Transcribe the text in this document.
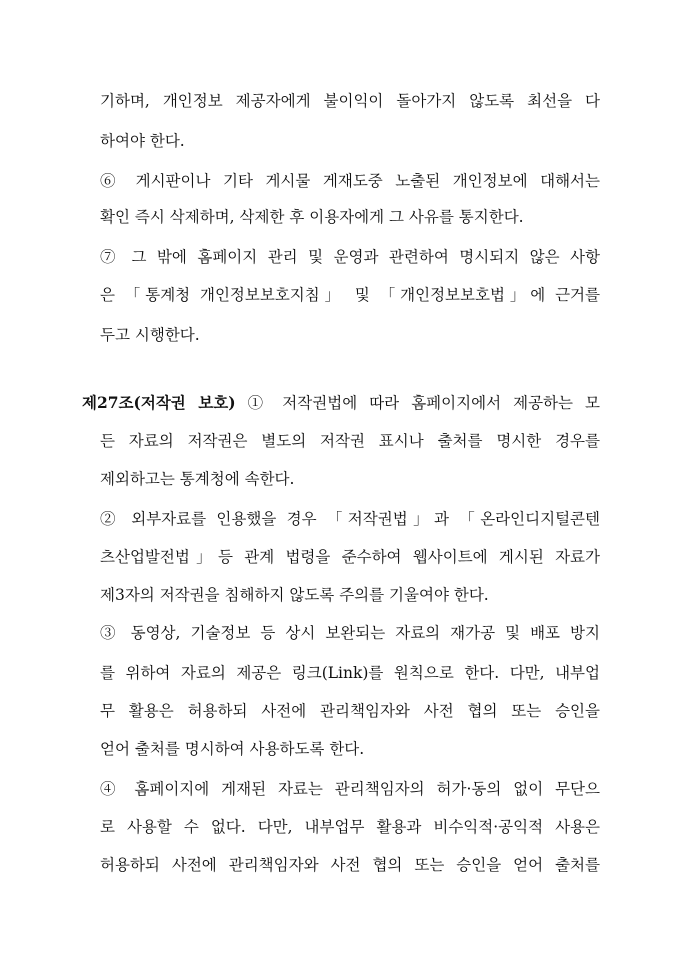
기하며, 개인정보 제공자에게 불이익이 돌아가지 않도록 최선을 다
하여야 한다.
⑥ 게시판이나 기타 게시물 게재도중 노출된 개인정보에 대해서는
확인 즉시 삭제하며, 삭제한 후 이용자에게 그 사유를 통지한다.
⑦ 그 밖에 홈페이지 관리 및 운영과 관련하여 명시되지 않은 사항
은 「통계청 개인정보보호지침」 및 「개인정보보호법」에 근거를
두고 시행한다.
제27조(저작권 보호) ① 저작권법에 따라 홈페이지에서 제공하는 모
든 자료의 저작권은 별도의 저작권 표시나 출처를 명시한 경우를
제외하고는 통계청에 속한다.
② 외부자료를 인용했을 경우 「저작권법」과 「온라인디지털콘텐
츠산업발전법」등 관계 법령을 준수하여 웹사이트에 게시된 자료가
제3자의 저작권을 침해하지 않도록 주의를 기울여야 한다.
③ 동영상, 기술정보 등 상시 보완되는 자료의 재가공 및 배포 방지
를 위하여 자료의 제공은 링크(Link)를 원칙으로 한다. 다만, 내부업
무 활용은 허용하되 사전에 관리책임자와 사전 협의 또는 승인을
얻어 출처를 명시하여 사용하도록 한다.
④ 홈페이지에 게재된 자료는 관리책임자의 허가·동의 없이 무단으
로 사용할 수 없다. 다만, 내부업무 활용과 비수익적·공익적 사용은
허용하되 사전에 관리책임자와 사전 협의 또는 승인을 얻어 출처를
